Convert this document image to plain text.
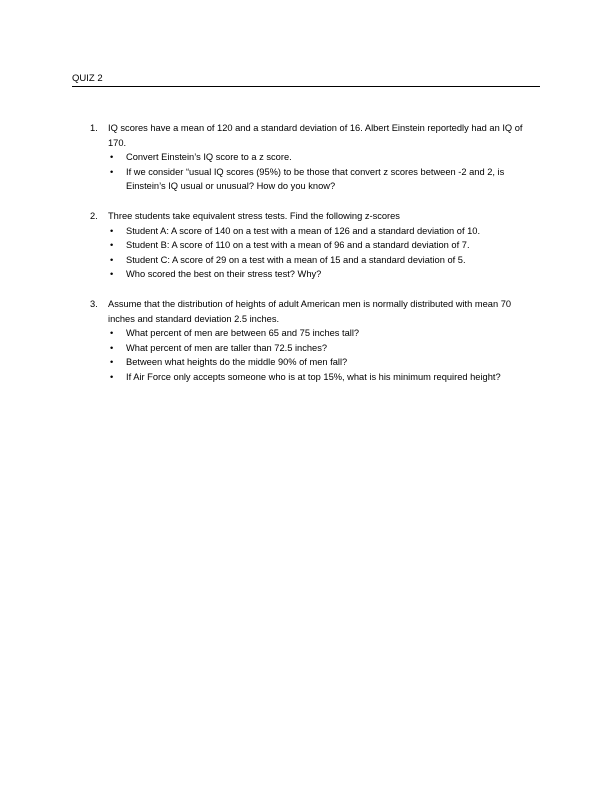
QUIZ 2
1.	IQ scores have a mean of 120 and a standard deviation of 16. Albert Einstein reportedly had an IQ of 170.
• Convert Einstein’s IQ score to a z score.
• If we consider “usual IQ scores (95%) to be those that convert z scores between -2 and 2, is Einstein’s IQ usual or unusual? How do you know?
2.	Three students take equivalent stress tests. Find the following z-scores
• Student A: A score of 140 on a test with a mean of 126 and a standard deviation of 10.
• Student B: A score of 110 on a test with a mean of 96 and a standard deviation of 7.
• Student C: A score of 29 on a test with a mean of 15 and a standard deviation of 5.
• Who scored the best on their stress test? Why?
3.	Assume that the distribution of heights of adult American men is normally distributed with mean 70 inches and standard deviation 2.5 inches.
• What percent of men are between 65 and 75 inches tall?
• What percent of men are taller than 72.5 inches?
• Between what heights do the middle 90% of men fall?
• If Air Force only accepts someone who is at top 15%, what is his minimum required height?
